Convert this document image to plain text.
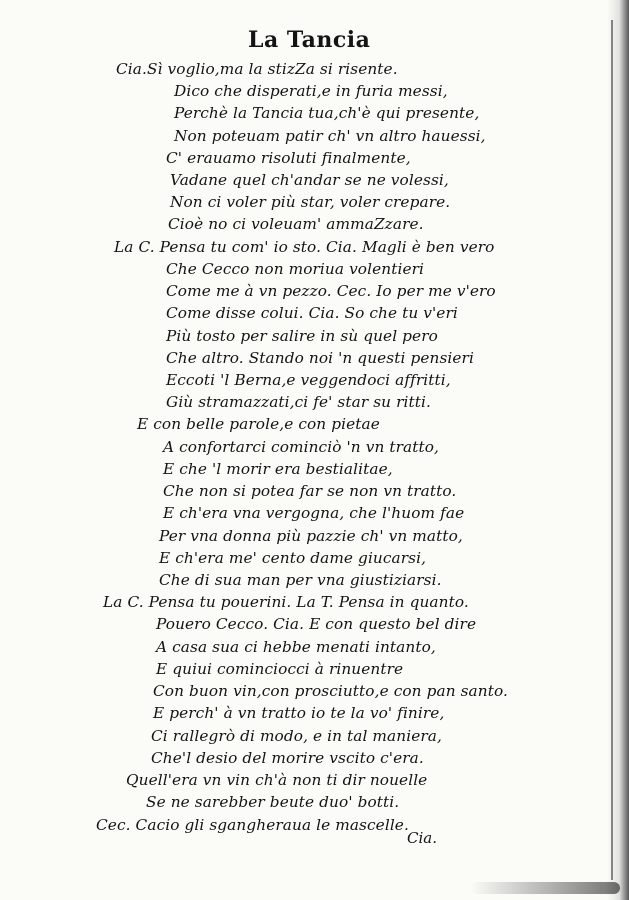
La Tancia
Cia.Sì voglio,ma la stizZa si risente.
Dico che disperati,e in furia messi,
Perchè la Tancia tua,ch'è qui presente,
Non poteuam patir ch' vn altro hauessi,
C' erauamo risoluti finalmente,
Vadane quel ch'andar se ne volessi,
Non ci voler più star, voler crepare.
Cioè no ci voleuam' ammaZzare.
La C. Pensa tu com' io sto. Cia. Magli è ben vero
Che Cecco non moriua volentieri
Come me à vn pezzo. Cec. Io per me v'ero
Come disse colui. Cia. So che tu v'eri
Più tosto per salire in sù quel pero
Che altro. Stando noi 'n questi pensieri
Eccoti 'l Berna,e veggendoci affritti,
Giù stramazzati,ci fe' star su ritti.
E con belle parole,e con pietae
A confortarci cominciò 'n vn tratto,
E che 'l morir era bestialitae,
Che non si potea far se non vn tratto.
E ch'era vna vergogna, che l'huom fae
Per vna donna più pazzie ch' vn matto,
E ch'era me' cento dame giucarsi,
Che di sua man per vna giustiziarsi.
La C. Pensa tu pouerini. La T. Pensa in quanto.
Pouero Cecco. Cia. E con questo bel dire
A casa sua ci hebbe menati intanto,
E quiui cominciocci à rinuentre
Con buon vin,con prosciutto,e con pan santo.
E perch' à vn tratto io te la vo' finire,
Ci rallegrò di modo, e in tal maniera,
Che'l desio del morire vscito c'era.
Quell'era vn vin ch'à non ti dir nouelle
Se ne sarebber beute duo' botti.
Cec. Cacio gli sgangheraua le mascelle.
Cia.
